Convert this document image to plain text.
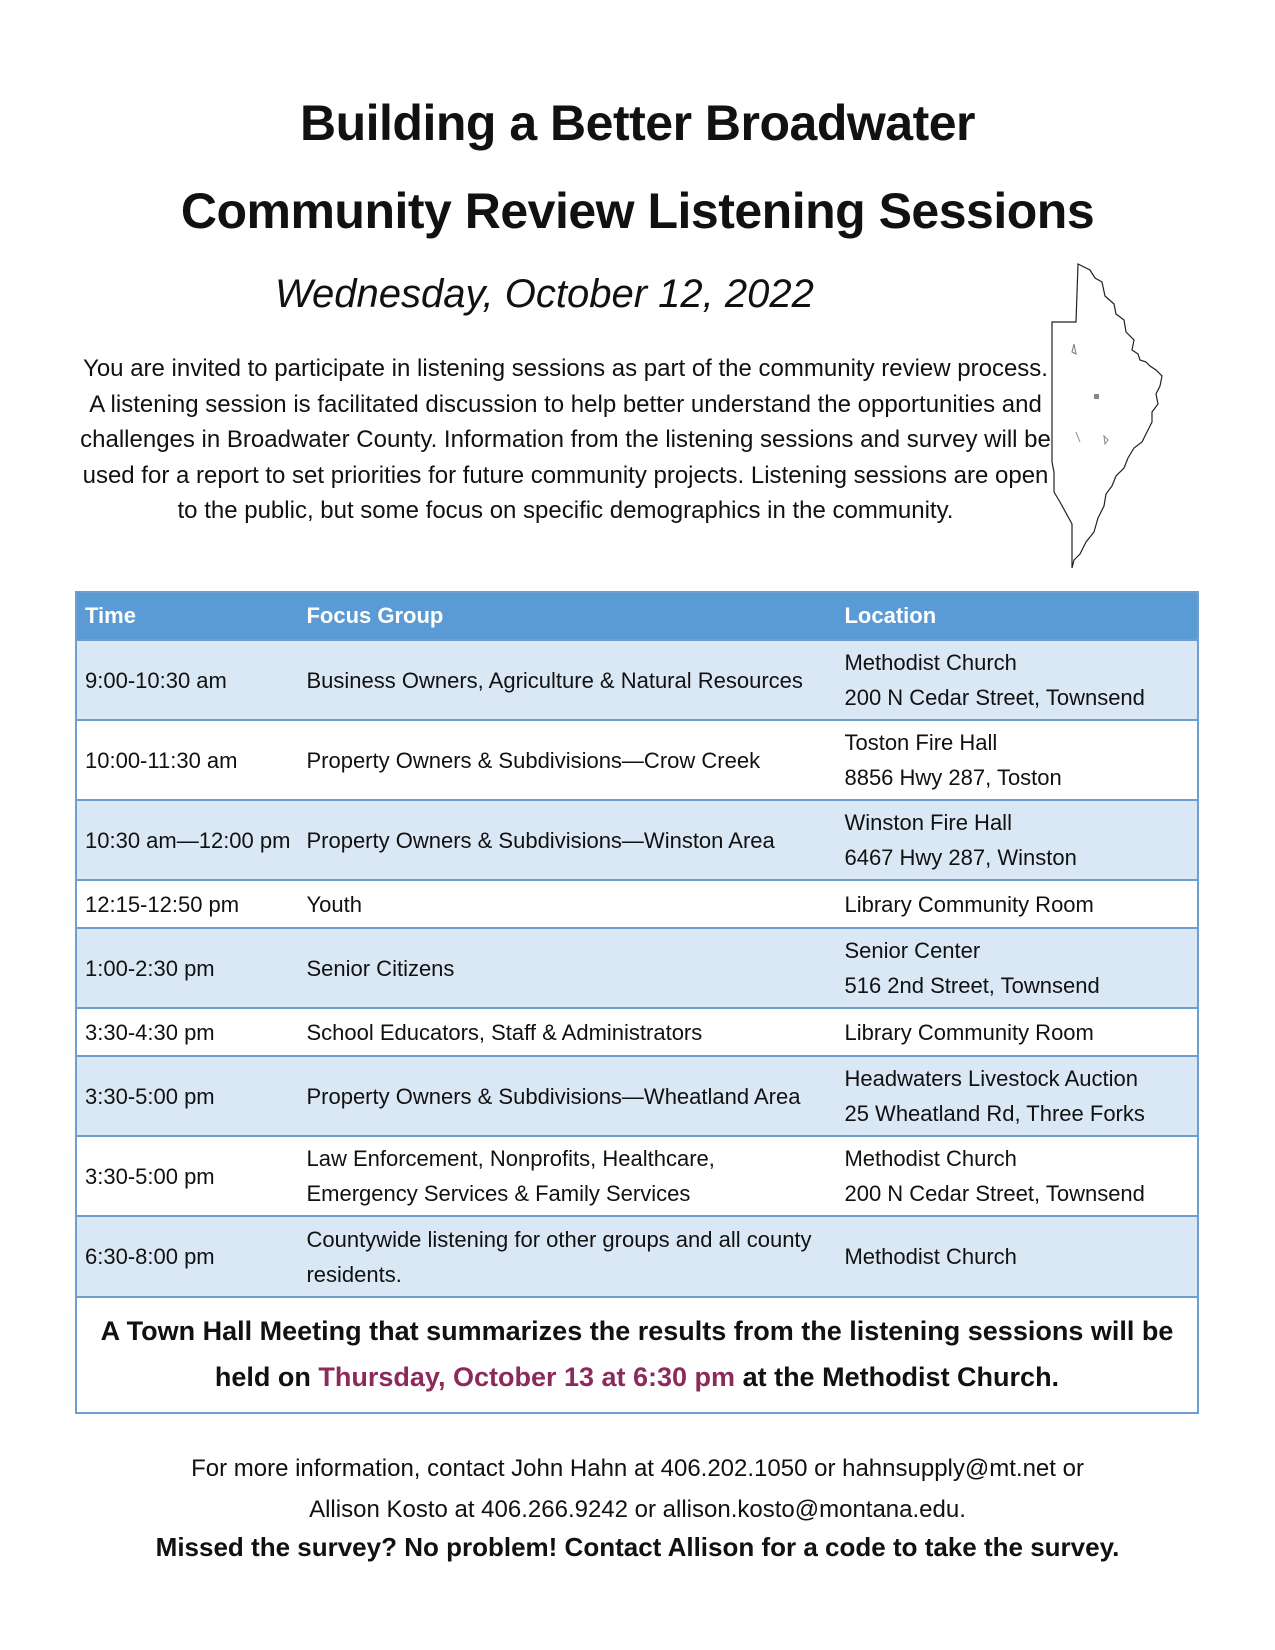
Building a Better Broadwater
Community Review Listening Sessions
Wednesday, October 12, 2022

You are invited to participate in listening sessions as part of the community review process. A listening session is facilitated discussion to help better understand the opportunities and challenges in Broadwater County. Information from the listening sessions and survey will be used for a report to set priorities for future community projects. Listening sessions are open to the public, but some focus on specific demographics in the community.

Time	Focus Group	Location
9:00-10:30 am	Business Owners, Agriculture & Natural Resources	Methodist Church
200 N Cedar Street, Townsend

10:00-11:30 am	Property Owners & Subdivisions—Crow Creek	Toston Fire Hall
8856 Hwy 287, Toston

10:30 am—12:00 pm	Property Owners & Subdivisions—Winston Area	Winston Fire Hall
6467 Hwy 287, Winston

12:15-12:50 pm	Youth	Library Community Room
1:00-2:30 pm	Senior Citizens	Senior Center
516 2nd Street, Townsend

3:30-4:30 pm	School Educators, Staff & Administrators	Library Community Room
3:30-5:00 pm	Property Owners & Subdivisions—Wheatland Area	Headwaters Livestock Auction
25 Wheatland Rd, Three Forks

3:30-5:00 pm	Law Enforcement, Nonprofits, Healthcare, Emergency Services & Family Services	Methodist Church
200 N Cedar Street, Townsend

6:30-8:00 pm	Countywide listening for other groups and all county residents.	Methodist Church
A Town Hall Meeting that summarizes the results from the listening sessions will be held on Thursday, October 13 at 6:30 pm at the Methodist Church.
For more information, contact John Hahn at 406.202.1050 or hahnsupply@mt.net or
Allison Kosto at 406.266.9242 or allison.kosto@montana.edu.
Missed the survey? No problem! Contact Allison for a code to take the survey.
